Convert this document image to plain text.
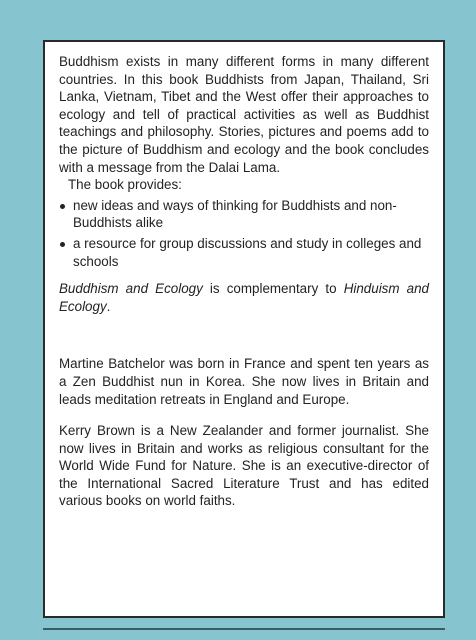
Buddhism exists in many different forms in many different countries. In this book Buddhists from Japan, Thailand, Sri Lanka, Vietnam, Tibet and the West offer their approaches to ecology and tell of practical activities as well as Buddhist teachings and philosophy. Stories, pictures and poems add to the picture of Buddhism and ecology and the book concludes with a message from the Dalai Lama.

The book provides:

new ideas and ways of thinking for Buddhists and non-Buddhists alike
a resource for group discussions and study in colleges and schools

Buddhism and Ecology is complementary to Hinduism and Ecology.

Martine Batchelor was born in France and spent ten years as a Zen Buddhist nun in Korea. She now lives in Britain and leads meditation retreats in England and Europe.

Kerry Brown is a New Zealander and former journalist. She now lives in Britain and works as religious consultant for the World Wide Fund for Nature. She is an executive-director of the International Sacred Literature Trust and has edited various books on world faiths.
